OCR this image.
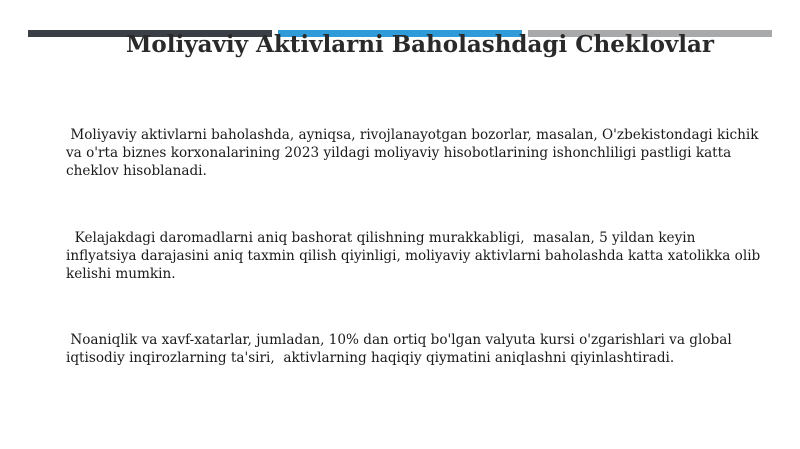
Moliyaviy Aktivlarni Baholashdagi Cheklovlar

Moliyaviy aktivlarni baholashda, ayniqsa, rivojlanayotgan bozorlar, masalan, O'zbekistondagi kichik va o'rta biznes korxonalarining 2023 yildagi moliyaviy hisobotlarining ishonchliligi pastligi katta cheklov hisoblanadi.

Kelajakdagi daromadlarni aniq bashorat qilishning murakkabligi,  masalan, 5 yildan keyin inflyatsiya darajasini aniq taxmin qilish qiyinligi, moliyaviy aktivlarni baholashda katta xatolikka olib kelishi mumkin.

Noaniqlik va xavf-xatarlar, jumladan, 10% dan ortiq bo'lgan valyuta kursi o'zgarishlari va global iqtisodiy inqirozlarning ta'siri,  aktivlarning haqiqiy qiymatini aniqlashni qiyinlashtiradi.
